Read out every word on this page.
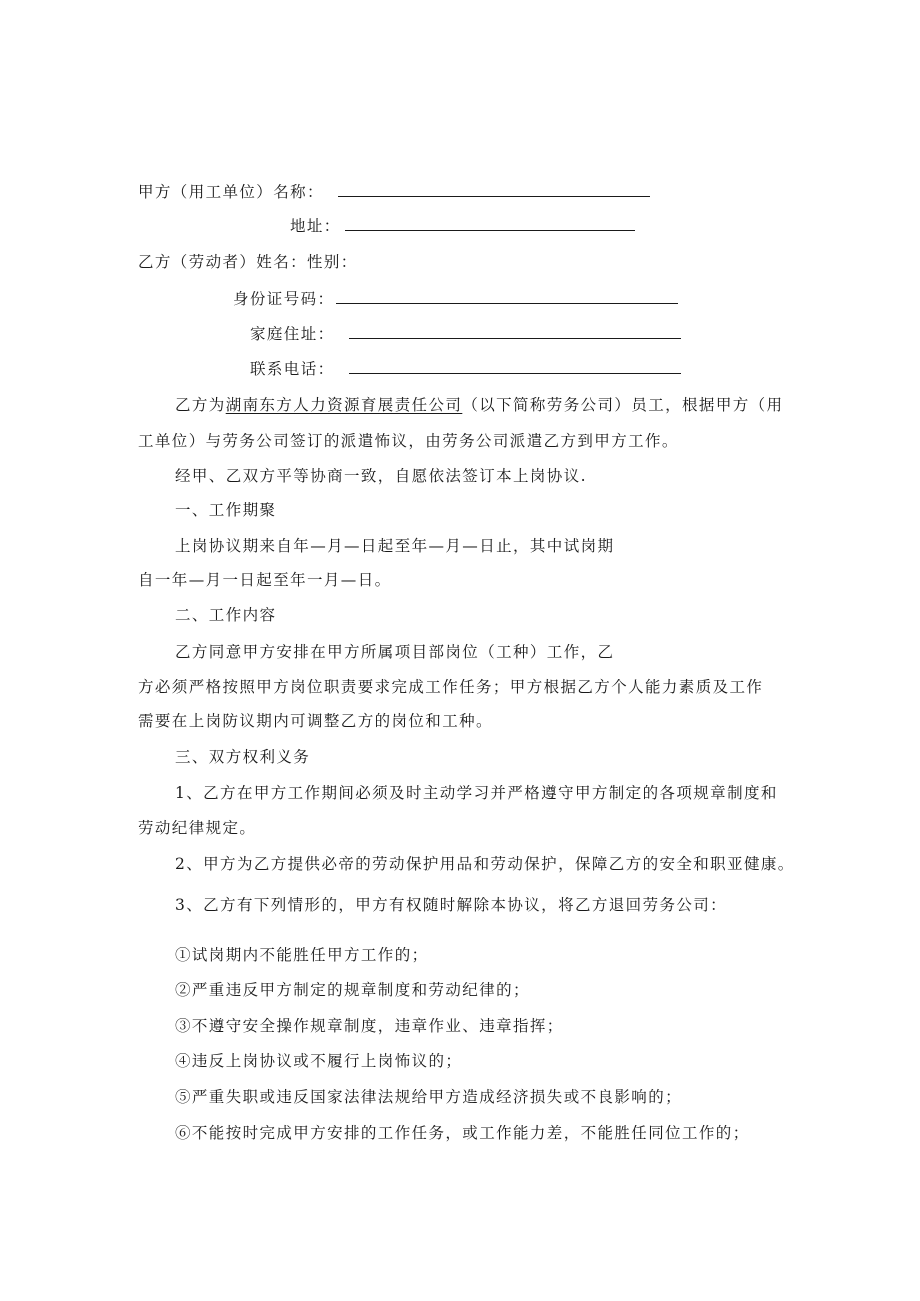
甲方（用工单位）名称：
地址：
乙方（劳动者）姓名：性别：
身份证号码：
家庭住址：
联系电话：
乙方为湖南东方人力资源育展责任公司（以下简称劳务公司）员工，根据甲方（用
工单位）与劳务公司签订的派遣怖议，由劳务公司派遣乙方到甲方工作。
经甲、乙双方平等协商一致，自愿依法签订本上岗协议.
一、工作期聚
上岗协议期来自年—月—日起至年—月—日止，其中试岗期
自一年—月一日起至年一月—日。
二、工作内容
乙方同意甲方安排在甲方所属项目部岗位（工种）工作，乙
方必须严格按照甲方岗位职责要求完成工作任务；甲方根据乙方个人能力素质及工作
需要在上岗防议期内可调整乙方的岗位和工种。
三、双方权利义务
1、乙方在甲方工作期间必须及时主动学习并严格遵守甲方制定的各项规章制度和
劳动纪律规定。
2、甲方为乙方提供必帝的劳动保护用品和劳动保护，保障乙方的安全和职亚健康。
3、乙方有下列情形的，甲方有权随时解除本协议，将乙方退回劳务公司：
①试岗期内不能胜任甲方工作的；
②严重违反甲方制定的规章制度和劳动纪律的；
③不遵守安全操作规章制度，违章作业、违章指挥；
④违反上岗协议或不履行上岗怖议的；
⑤严重失职或违反国家法律法规给甲方造成经济损失或不良影响的；
⑥不能按时完成甲方安排的工作任务，或工作能力差，不能胜任同位工作的；
